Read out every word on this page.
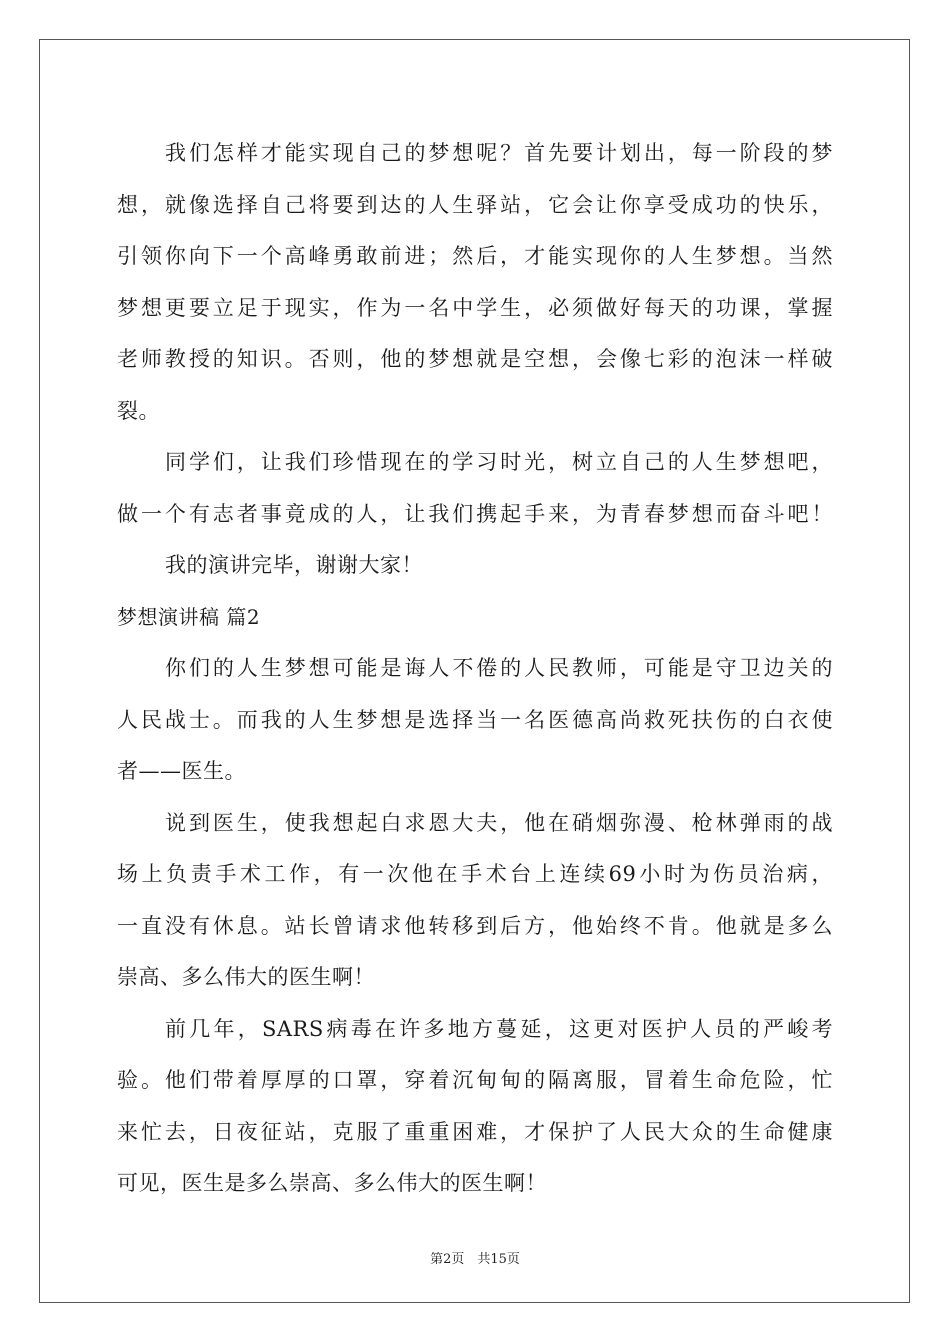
我们怎样才能实现自己的梦想呢？首先要计划出，每一阶段的梦
想，就像选择自己将要到达的人生驿站，它会让你享受成功的快乐，
引领你向下一个高峰勇敢前进；然后，才能实现你的人生梦想。当然
梦想更要立足于现实，作为一名中学生，必须做好每天的功课，掌握
老师教授的知识。否则，他的梦想就是空想，会像七彩的泡沫一样破
裂。
同学们，让我们珍惜现在的学习时光，树立自己的人生梦想吧，
做一个有志者事竟成的人，让我们携起手来，为青春梦想而奋斗吧！
我的演讲完毕，谢谢大家！
梦想演讲稿 篇2
你们的人生梦想可能是诲人不倦的人民教师，可能是守卫边关的
人民战士。而我的人生梦想是选择当一名医德高尚救死扶伤的白衣使
者——医生。
说到医生，使我想起白求恩大夫，他在硝烟弥漫、枪林弹雨的战
场上负责手术工作，有一次他在手术台上连续69小时为伤员治病，
一直没有休息。站长曾请求他转移到后方，他始终不肯。他就是多么
崇高、多么伟大的医生啊！
前几年，SARS病毒在许多地方蔓延，这更对医护人员的严峻考
验。他们带着厚厚的口罩，穿着沉甸甸的隔离服，冒着生命危险，忙
来忙去，日夜征站，克服了重重困难，才保护了人民大众的生命健康
可见，医生是多么崇高、多么伟大的医生啊！
第2页　共15页
